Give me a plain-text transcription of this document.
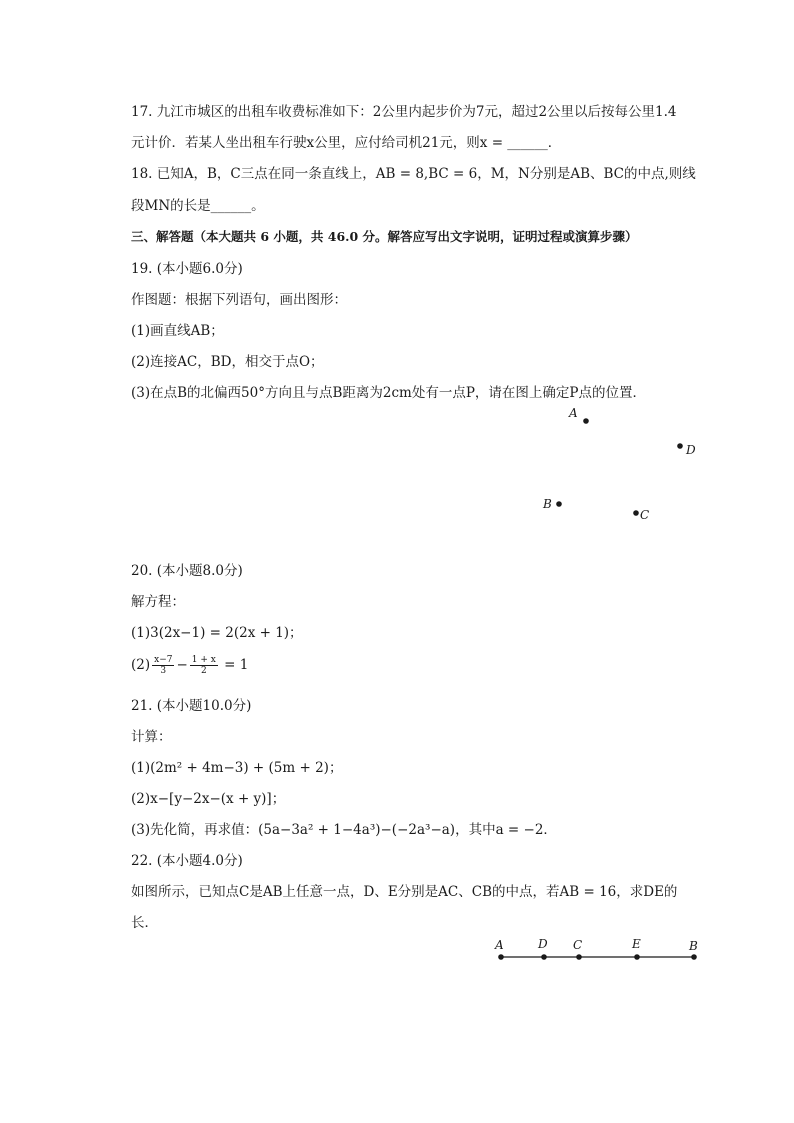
17. 九江市城区的出租车收费标准如下：2公里内起步价为7元，超过2公里以后按每公里1.4
元计价．若某人坐出租车行驶x公里，应付给司机21元，则x = ______．
18. 已知A，B，C三点在同一条直线上，AB = 8,BC = 6，M，N分别是AB、BC的中点,则线
段MN的长是______。
三、解答题（本大题共 6 小题，共 46.0 分。解答应写出文字说明，证明过程或演算步骤）
19. (本小题6.0分)
作图题：根据下列语句，画出图形：
(1)画直线AB；
(2)连接AC，BD，相交于点O；
(3)在点B的北偏西50°方向且与点B距离为2cm处有一点P，请在图上确定P点的位置．
A
D
B
C
20. (本小题8.0分)
解方程：
(1)3(2x−1) = 2(2x + 1)；
$(2) \frac{x-7}{3} - \frac{1 + x}{2} = 1$
21. (本小题10.0分)
计算：
(1)(2m² + 4m−3) + (5m + 2)；
(2)x−[y−2x−(x + y)]；
(3)先化简，再求值：(5a−3a² + 1−4a³)−(−2a³−a)，其中a = −2．
22. (本小题4.0分)
如图所示，已知点C是AB上任意一点，D、E分别是AC、CB的中点，若AB = 16，求DE的
长．
A	D C	E	B
